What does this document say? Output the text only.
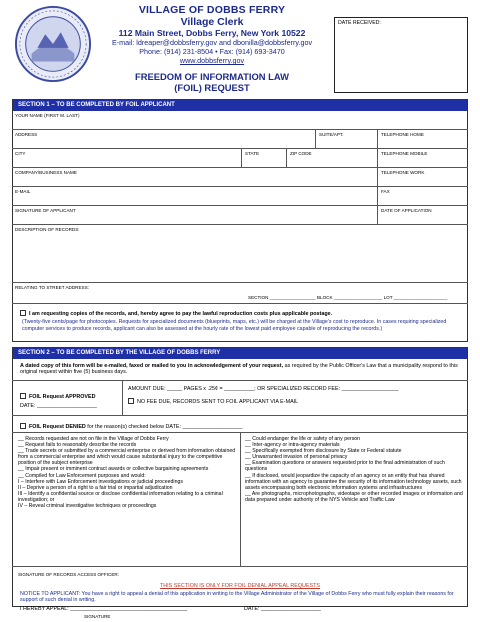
VILLAGE OF DOBBS FERRY
Village Clerk
112 Main Street, Dobbs Ferry, New York 10522
E-mail: ldreaper@dobbsferry.gov and dbonilla@dobbsferry.gov
Phone: (914) 231-8504 • Fax: (914) 693-3470
www.dobbsferry.gov
FREEDOM OF INFORMATION LAW
(FOIL) REQUEST
DATE RECEIVED:
SECTION 1 – TO BE COMPLETED BY FOIL APPLICANT
YOUR NAME (FIRST M. LAST)
ADDRESS	SUITE/APT.	TELEPHONE HOME
CITY	STATE	ZIP CODE	TELEPHONE MOBILE
COMPANY/BUSINESS NAME	TELEPHONE WORK
E-MAIL	FAX
SIGNATURE OF APPLICANT	DATE OF APPLICATION
DESCRIPTION OF RECORDS:
RELATING TO STREET ADDRESS:
SECTION __________________ BLOCK ___________________ LOT _____________________
I am requesting copies of the records, and, hereby agree to pay the lawful reproduction costs plus applicable postage.
(Twenty-five cents/page for photocopies. Requests for specialized documents (blueprints, maps, etc.) will be charged at the Village's cost to reproduce. In cases requiring specialized computer services to produce records, applicant can also be assessed at the hourly rate of the lowest paid employee capable of reproducing the records.)
SECTION 2 – TO BE COMPLETED BY THE VILLAGE OF DOBBS FERRY
A dated copy of this form will be e-mailed, faxed or mailed to you in acknowledgement of your request, as required by the Public Officer's Law that a municipality respond to this original request within five (5) business days.
FOIL Request APPROVED
DATE: ____________________
AMOUNT DUE: _____ PAGES x .25¢ = __________; OR SPECIALIZED RECORD FEE: ___________________
NO FEE DUE, RECORDS SENT TO FOIL APPLICANT VIA E-MAIL
FOIL Request DENIED for the reason(s) checked below DATE: ____________________
__ Records requested are not on file in the Village of Dobbs Ferry
__ Request fails to reasonably describe the records
__ Trade secrets or submitted by a commercial enterprise or derived from information obtained from a commercial enterprise and which would cause substantial injury to the competitive position of the subject enterprise
__ Impair present or imminent contract awards or collective bargaining agreements
__ Compiled for Law Enforcement purposes and would:
I – Interfere with Law Enforcement investigations or judicial proceedings
II – Deprive a person of a right to a fair trial or impartial adjudication
III – Identify a confidential source or disclose confidential information relating to a criminal investigation; or
IV – Reveal criminal investigative techniques or proceedings
__ Could endanger the life or safety of any person
__ Inter-agency or intra-agency materials
__ Specifically exempted from disclosure by State or Federal statute
__ Unwarranted invasion of personal privacy
__ Examination questions or answers requested prior to the final administration of such questions
__ If disclosed, would jeopardize the capacity of an agency or an entity that has shared information with an agency to guarantee the security of its information technology assets, such assets encompassing both electronic information systems and infrastructures
__ Are photographs, microphotographs, videotape or other recorded images or information and data prepared under authority of the NYS Vehicle and Traffic Law
SIGNATURE OF RECORDS ACCESS OFFICER:
THIS SECTION IS ONLY FOR FOIL DENIAL APPEAL REQUESTS
NOTICE TO APPLICANT: You have a right to appeal a denial of this application in writing to the Village Administrator of the Village of Dobbs Ferry who must fully explain their reasons for support of such denial in writing.
I HEREBY APPEAL: _______________________________________
SIGNATURE
DATE: ____________________
